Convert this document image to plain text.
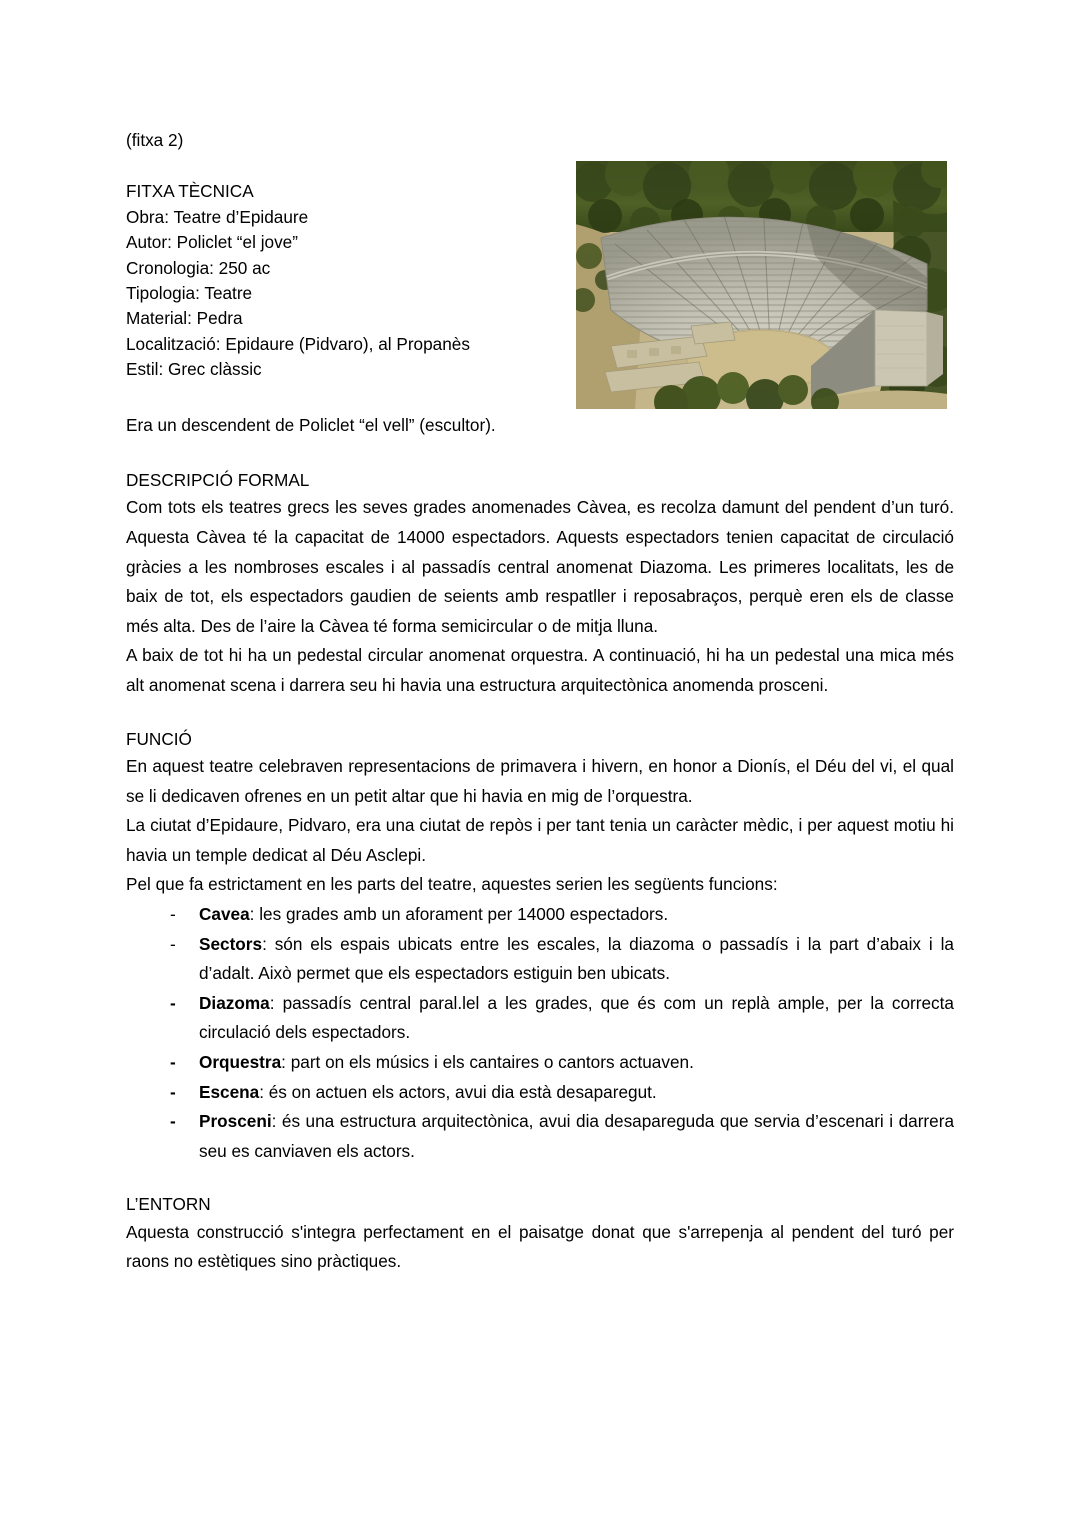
(fitxa 2)
FITXA TÈCNICA
Obra: Teatre d’Epidaure
Autor: Policlet “el jove”
Cronologia: 250 ac
Tipologia: Teatre
Material: Pedra
Localització: Epidaure (Pidvaro), al Propanès
Estil: Grec clàssic
Era un descendent de Policlet “el vell” (escultor).
DESCRIPCIÓ FORMAL

Com tots els teatres grecs les seves grades anomenades Càvea, es recolza damunt del pendent d’un turó. Aquesta Càvea té la capacitat de 14000 espectadors. Aquests espectadors tenien capacitat de circulació gràcies a les nombroses escales i al passadís central anomenat Diazoma. Les primeres localitats, les de baix de tot, els espectadors gaudien de seients amb respatller i reposabraços, perquè eren els de classe més alta. Des de l’aire la Càvea té forma semicircular o de mitja lluna.

A baix de tot hi ha un pedestal circular anomenat orquestra. A continuació, hi ha un pedestal una mica més alt anomenat scena i darrera seu hi havia una estructura arquitectònica anomenda prosceni.

FUNCIÓ

En aquest teatre celebraven representacions de primavera i hivern, en honor a Dionís, el Déu del vi, el qual se li dedicaven ofrenes en un petit altar que hi havia en mig de l’orquestra.

La ciutat d’Epidaure, Pidvaro, era una ciutat de repòs i per tant tenia un caràcter mèdic, i per aquest motiu hi havia un temple dedicat al Déu Asclepi.

Pel que fa estrictament en les parts del teatre, aquestes serien les següents funcions:

- Cavea: les grades amb un aforament per 14000 espectadors.
- Sectors: són els espais ubicats entre les escales, la diazoma o passadís i la part d’abaix i la d’adalt. Això permet que els espectadors estiguin ben ubicats.
- Diazoma: passadís central paral.lel a les grades, que és com un replà ample, per la correcta circulació dels espectadors.
- Orquestra: part on els músics i els cantaires o cantors actuaven.
- Escena: és on actuen els actors, avui dia està desaparegut.
- Prosceni: és una estructura arquitectònica, avui dia desapareguda que servia d’escenari i darrera seu es canviaven els actors.
L’ENTORN

Aquesta construcció s'integra perfectament en el paisatge donat que s'arrepenja al pendent del turó per raons no estètiques sino pràctiques.
